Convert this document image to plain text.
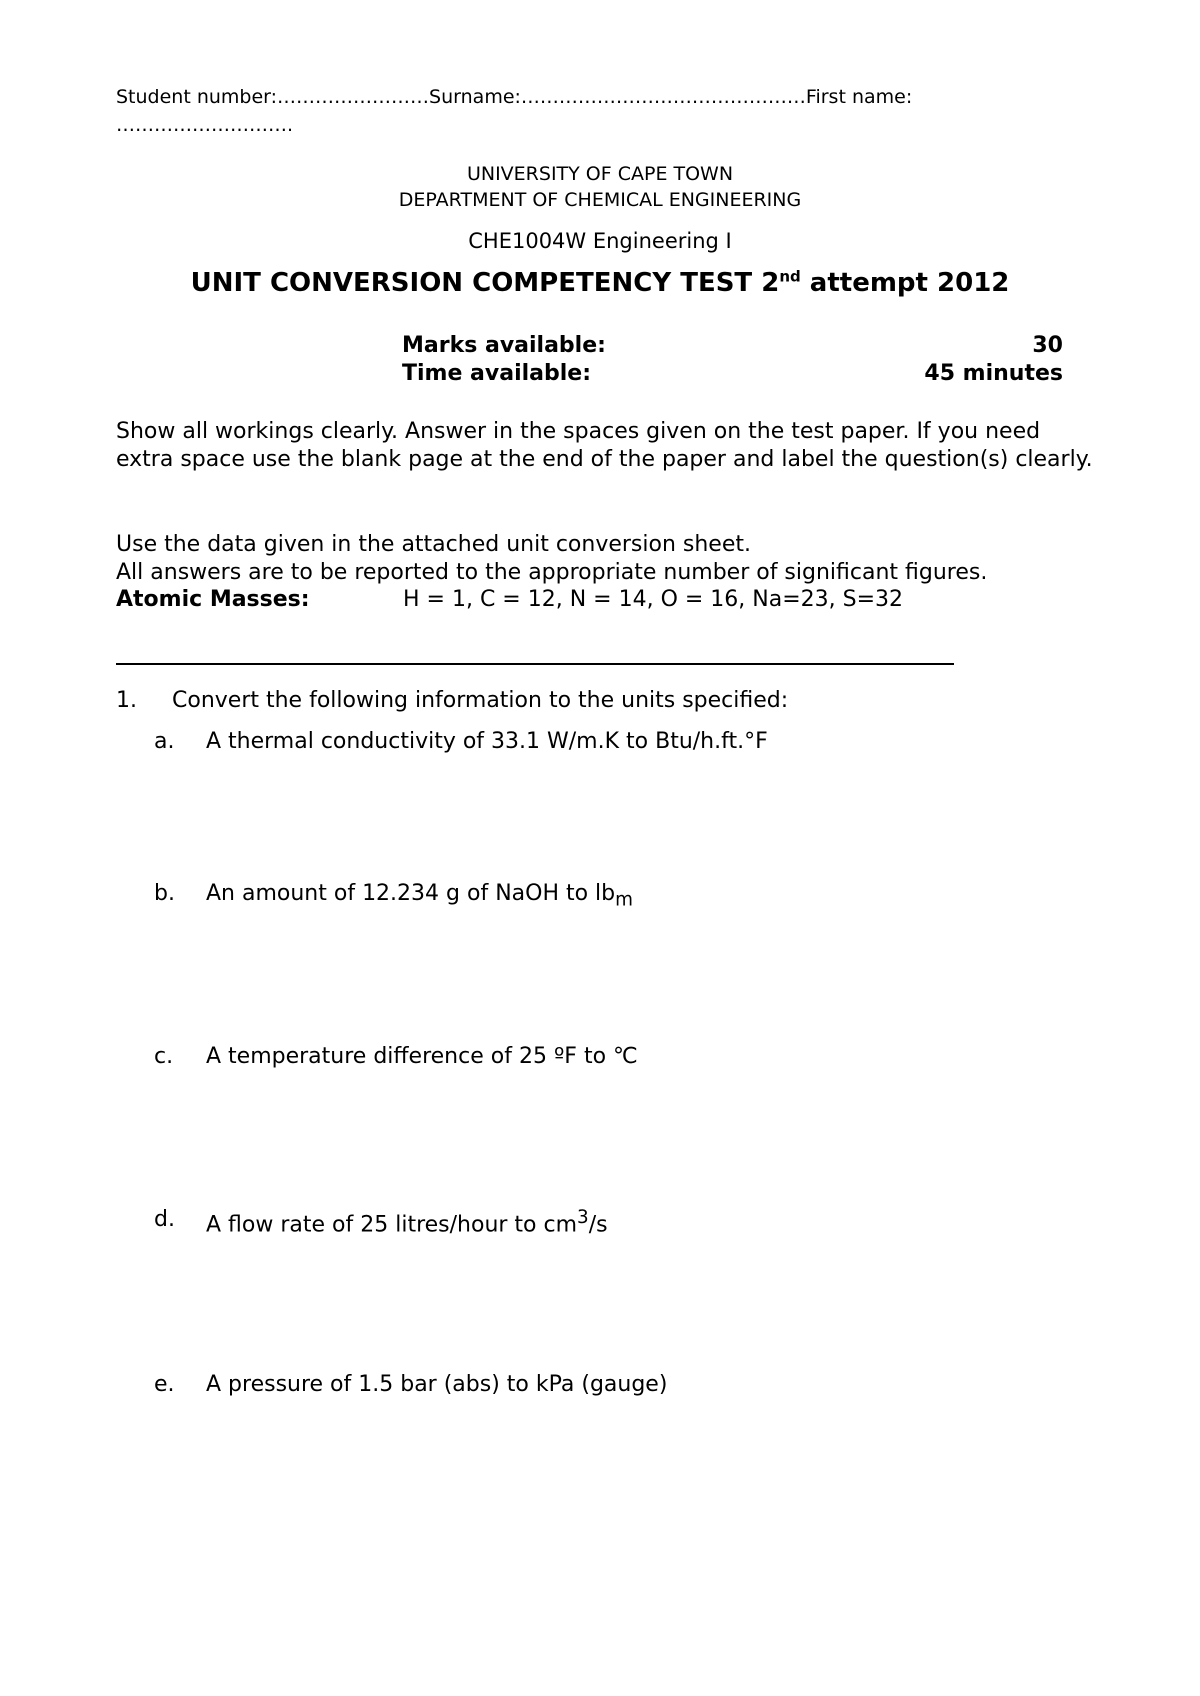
Student number:……………………Surname:………………………………………First name:
……………………….
UNIVERSITY OF CAPE TOWN
DEPARTMENT OF CHEMICAL ENGINEERING
CHE1004W Engineering I
UNIT CONVERSION COMPETENCY TEST 2nd attempt 2012
Marks available:	30
Time available:	45 minutes
Show all workings clearly. Answer in the spaces given on the test paper. If you need extra space use the blank page at the end of the paper and label the question(s) clearly.
Use the data given in the attached unit conversion sheet.
All answers are to be reported to the appropriate number of significant figures.
Atomic Masses:	H = 1, C = 12, N = 14, O = 16, Na=23, S=32
1. Convert the following information to the units specified:
a. A thermal conductivity of 33.1 W/m.K to Btu/h.ft.°F
b. An amount of 12.234 g of NaOH to $lb_m$
c. A temperature difference of 25 ºF to ℃
d. A flow rate of 25 litres/hour to $cm^3/s$
e. A pressure of 1.5 bar (abs) to kPa (gauge)
